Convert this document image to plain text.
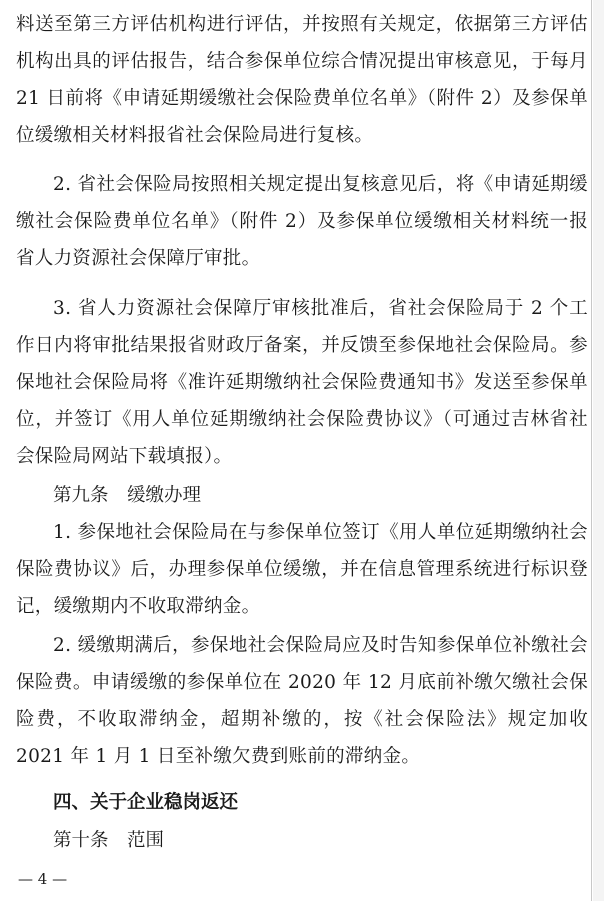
料送至第三方评估机构进行评估，并按照有关规定，依据第三方评估机构出具的评估报告，结合参保单位综合情况提出审核意见，于每月 21 日前将《申请延期缓缴社会保险费单位名单》（附件 2）及参保单位缓缴相关材料报省社会保险局进行复核。

2. 省社会保险局按照相关规定提出复核意见后，将《申请延期缓缴社会保险费单位名单》（附件 2）及参保单位缓缴相关材料统一报省人力资源社会保障厅审批。

3. 省人力资源社会保障厅审核批准后，省社会保险局于 2 个工作日内将审批结果报省财政厅备案，并反馈至参保地社会保险局。参保地社会保险局将《准许延期缴纳社会保险费通知书》发送至参保单位，并签订《用人单位延期缴纳社会保险费协议》（可通过吉林省社会保险局网站下载填报）。

第九条　缓缴办理

1. 参保地社会保险局在与参保单位签订《用人单位延期缴纳社会保险费协议》后，办理参保单位缓缴，并在信息管理系统进行标识登记，缓缴期内不收取滞纳金。

2. 缓缴期满后，参保地社会保险局应及时告知参保单位补缴社会保险费。申请缓缴的参保单位在 2020 年 12 月底前补缴欠缴社会保险费，不收取滞纳金，超期补缴的，按《社会保险法》规定加收 2021 年 1 月 1 日至补缴欠费到账前的滞纳金。

四、关于企业稳岗返还
第十条　范围
— 4 —
